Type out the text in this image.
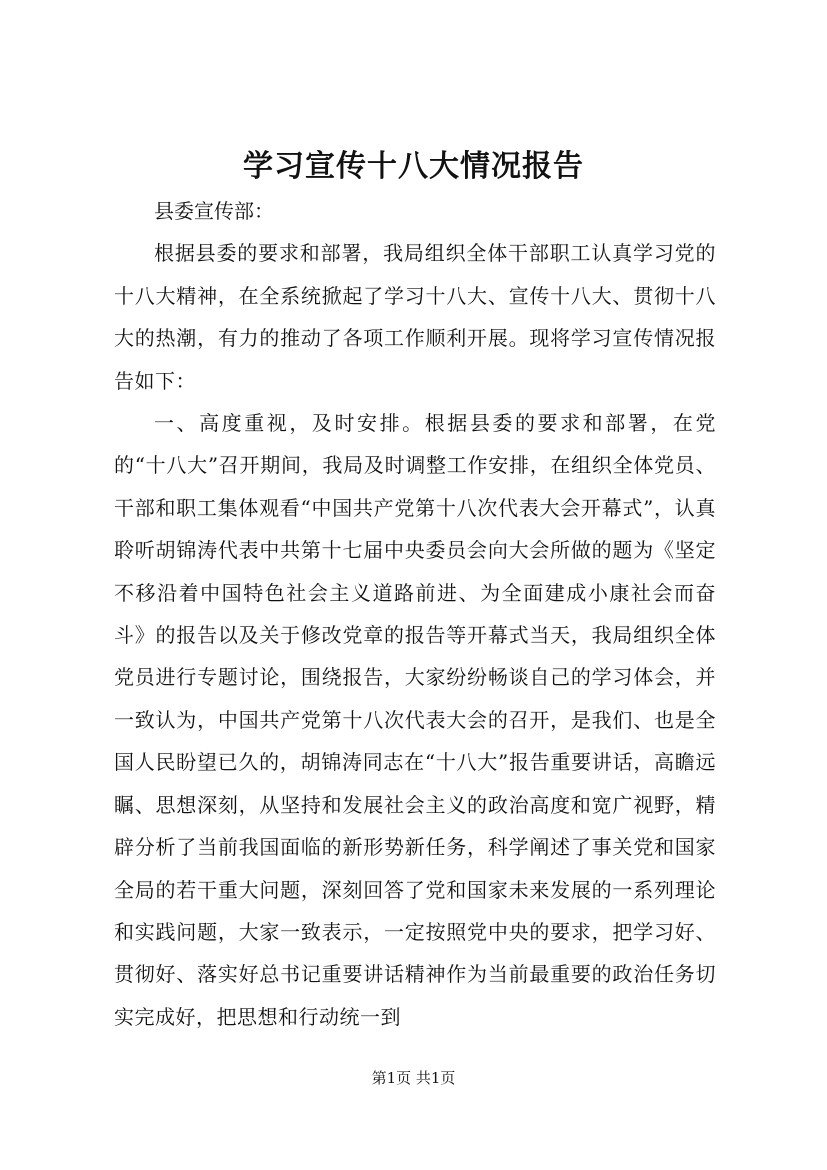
学习宣传十八大情况报告

县委宣传部：

根据县委的要求和部署，我局组织全体干部职工认真学习党的十八大精神，在全系统掀起了学习十八大、宣传十八大、贯彻十八大的热潮，有力的推动了各项工作顺利开展。现将学习宣传情况报告如下：

一、高度重视，及时安排。根据县委的要求和部署，在党的“十八大”召开期间，我局及时调整工作安排，在组织全体党员、干部和职工集体观看“中国共产党第十八次代表大会开幕式”，认真聆听胡锦涛代表中共第十七届中央委员会向大会所做的题为《坚定不移沿着中国特色社会主义道路前进、为全面建成小康社会而奋斗》的报告以及关于修改党章的报告等开幕式当天，我局组织全体党员进行专题讨论，围绕报告，大家纷纷畅谈自己的学习体会，并一致认为，中国共产党第十八次代表大会的召开，是我们、也是全国人民盼望已久的，胡锦涛同志在“十八大”报告重要讲话，高瞻远瞩、思想深刻，从坚持和发展社会主义的政治高度和宽广视野，精辟分析了当前我国面临的新形势新任务，科学阐述了事关党和国家全局的若干重大问题，深刻回答了党和国家未来发展的一系列理论和实践问题，大家一致表示，一定按照党中央的要求，把学习好、贯彻好、落实好总书记重要讲话精神作为当前最重要的政治任务切实完成好，把思想和行动统一到

第1页 共1页
